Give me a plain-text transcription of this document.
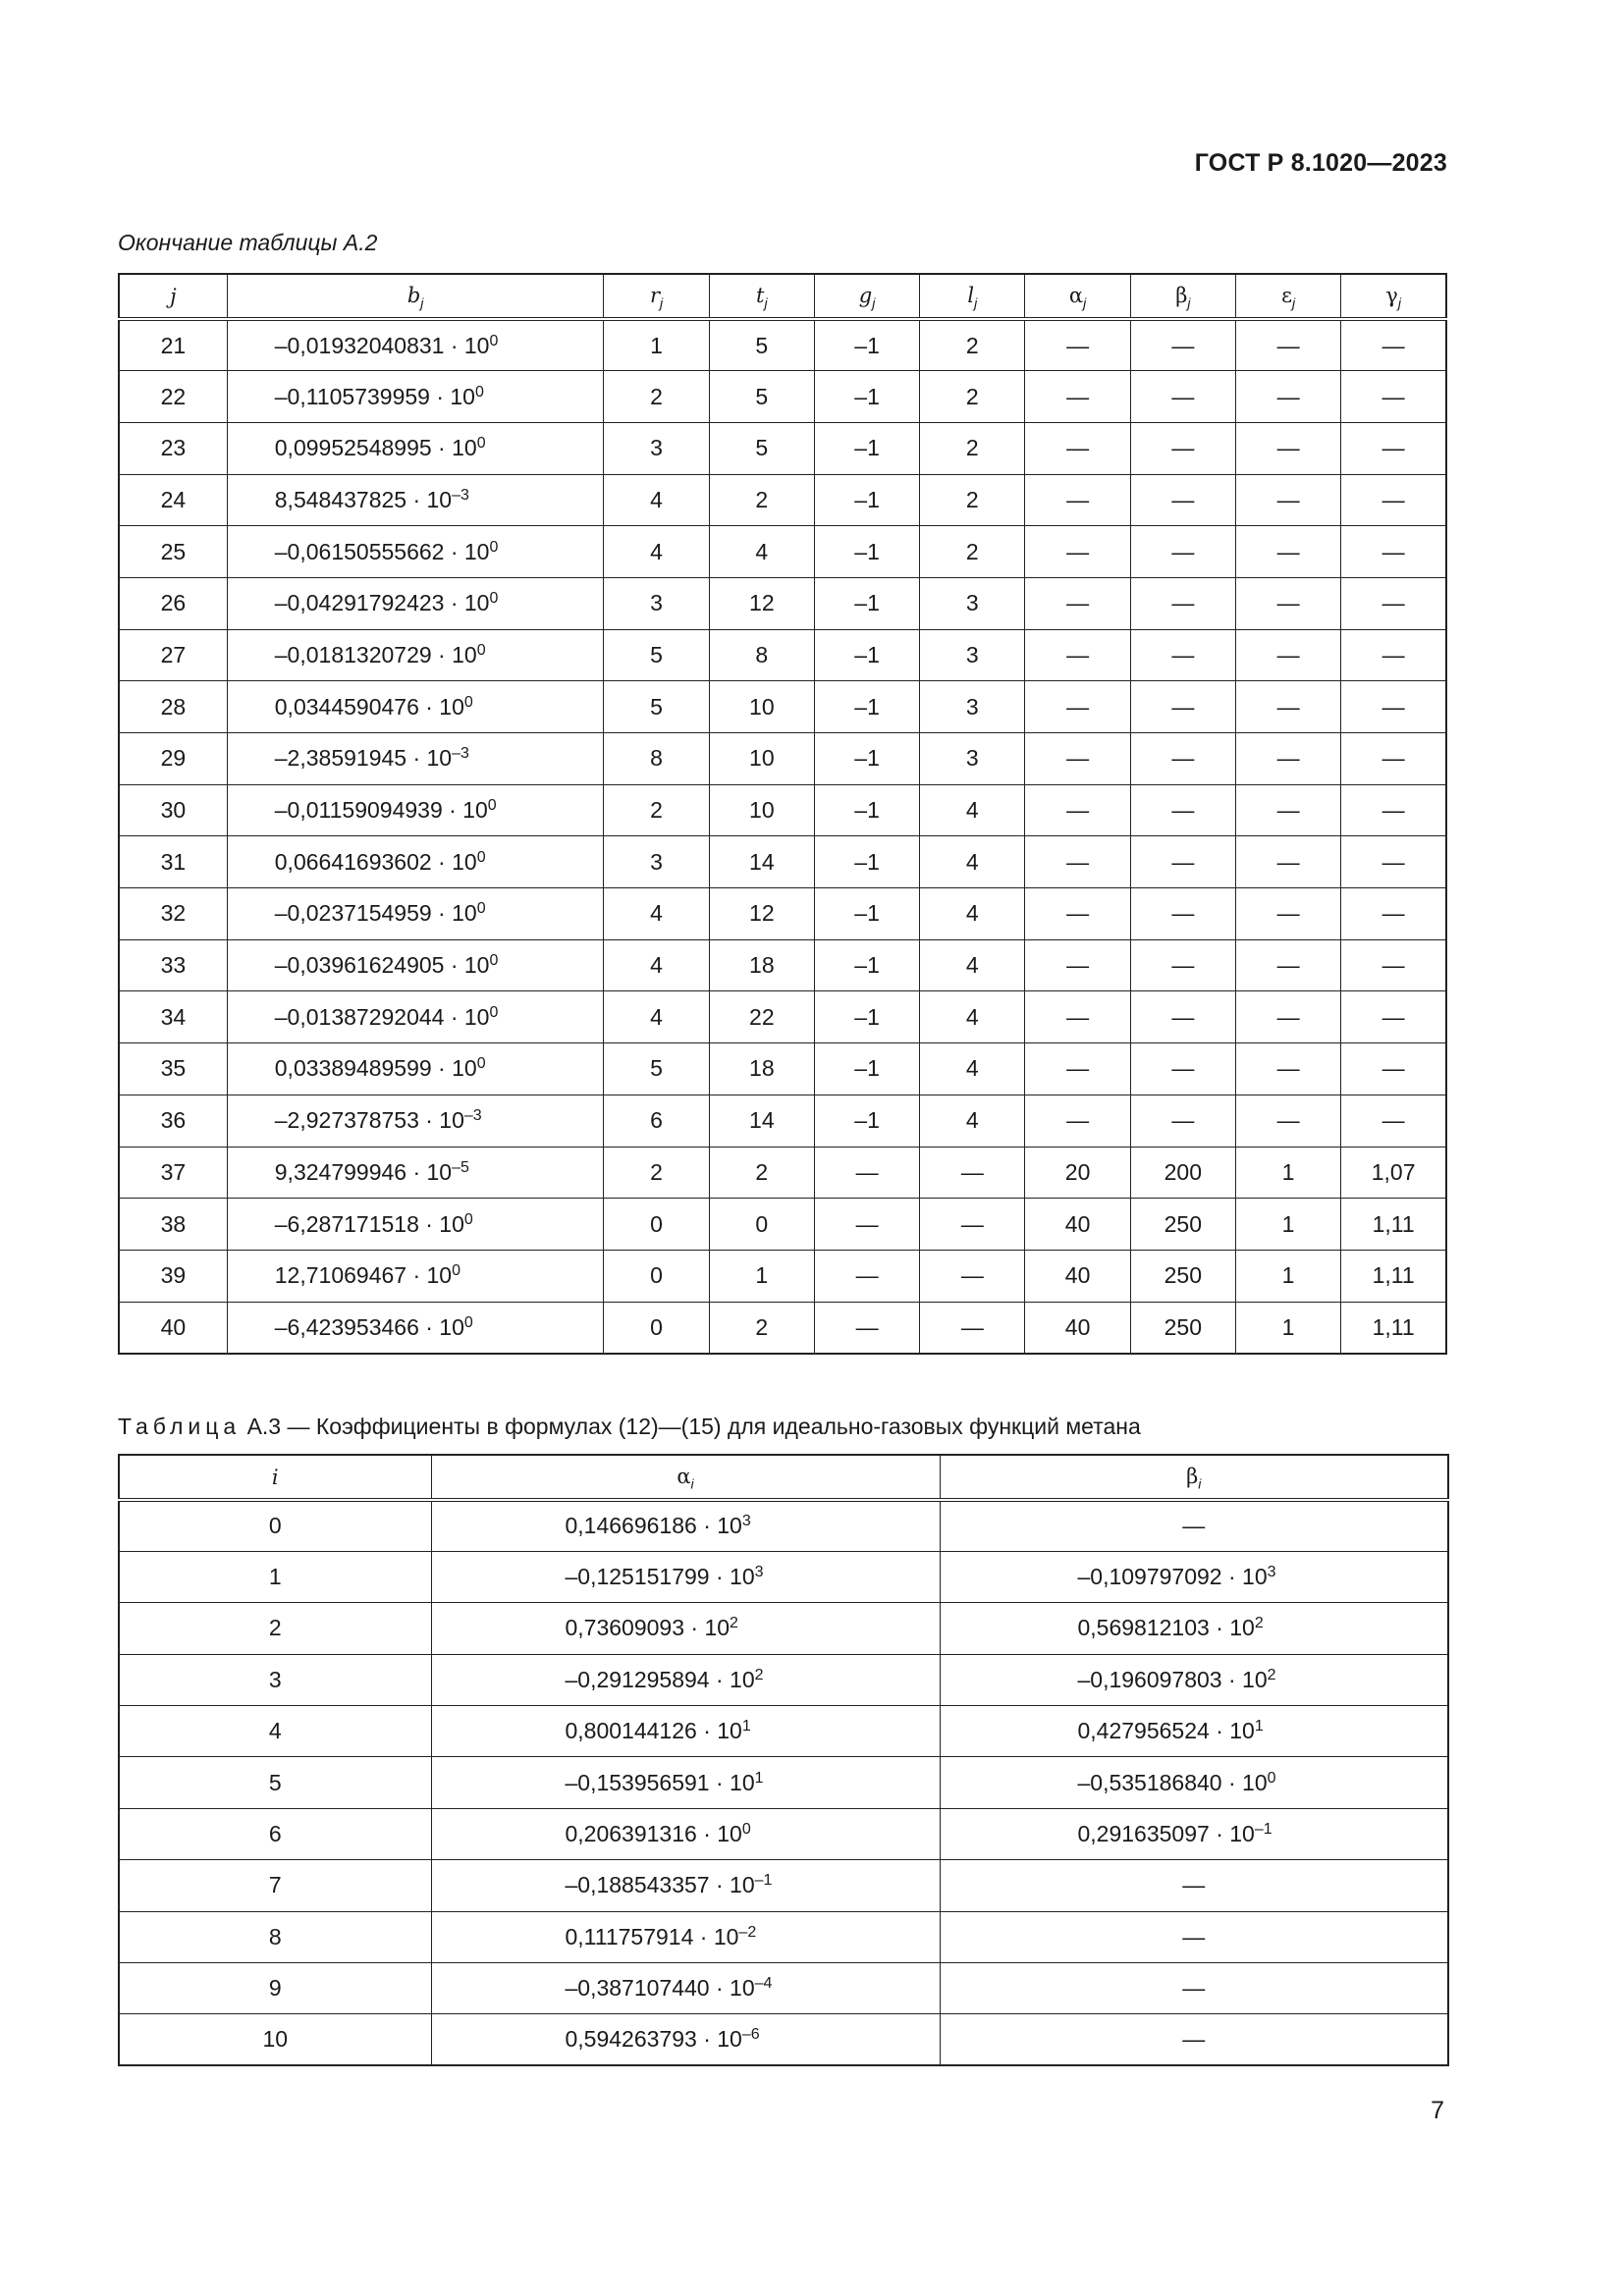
ГОСТ Р 8.1020—2023
Окончание таблицы А.2
j	$b_j$	$r_j$	$t_j$	$g_j$	$l_j$	$\alpha_j$	$\beta_j$	$\varepsilon_j$	$\gamma_j$
21	$-0,01932040831 \cdot 10^0$	1	5	–1	2	—	—	—	—
22	$-0,1105739959 \cdot 10^0$	2	5	–1	2	—	—	—	—
23	$0,09952548995 \cdot 10^0$	3	5	–1	2	—	—	—	—
24	$8,548437825 \cdot 10^{-3}$	4	2	–1	2	—	—	—	—
25	$-0,06150555662 \cdot 10^0$	4	4	–1	2	—	—	—	—
26	$-0,04291792423 \cdot 10^0$	3	12	–1	3	—	—	—	—
27	$-0,0181320729 \cdot 10^0$	5	8	–1	3	—	—	—	—
28	$0,0344590476 \cdot 10^0$	5	10	–1	3	—	—	—	—
29	$-2,38591945 \cdot 10^{-3}$	8	10	–1	3	—	—	—	—
30	$-0,01159094939 \cdot 10^0$	2	10	–1	4	—	—	—	—
31	$0,06641693602 \cdot 10^0$	3	14	–1	4	—	—	—	—
32	$-0,0237154959 \cdot 10^0$	4	12	–1	4	—	—	—	—
33	$-0,03961624905 \cdot 10^0$	4	18	–1	4	—	—	—	—
34	$-0,01387292044 \cdot 10^0$	4	22	–1	4	—	—	—	—
35	$0,03389489599 \cdot 10^0$	5	18	–1	4	—	—	—	—
36	$-2,927378753 \cdot 10^{-3}$	6	14	–1	4	—	—	—	—
37	$9,324799946 \cdot 10^{-5}$	2	2	—	—	20	200	1	1,07
38	$-6,287171518 \cdot 10^0$	0	0	—	—	40	250	1	1,11
39	$12,71069467 \cdot 10^0$	0	1	—	—	40	250	1	1,11
40	$-6,423953466 \cdot 10^0$	0	2	—	—	40	250	1	1,11
Таблица А.3 — Коэффициенты в формулах (12)—(15) для идеально-газовых функций метана
i	$\alpha_i$	$\beta_i$
0	$0,146696186 \cdot 10^3$	—
1	$-0,125151799 \cdot 10^3$	$-0,109797092 \cdot 10^3$
2	$0,73609093 \cdot 10^2$	$0,569812103 \cdot 10^2$
3	$-0,291295894 \cdot 10^2$	$-0,196097803 \cdot 10^2$
4	$0,800144126 \cdot 10^1$	$0,427956524 \cdot 10^1$
5	$-0,153956591 \cdot 10^1$	$-0,535186840 \cdot 10^0$
6	$0,206391316 \cdot 10^0$	$0,291635097 \cdot 10^{-1}$
7	$-0,188543357 \cdot 10^{-1}$	—
8	$0,111757914 \cdot 10^{-2}$	—
9	$-0,387107440 \cdot 10^{-4}$	—
10	$0,594263793 \cdot 10^{-6}$	—
7
